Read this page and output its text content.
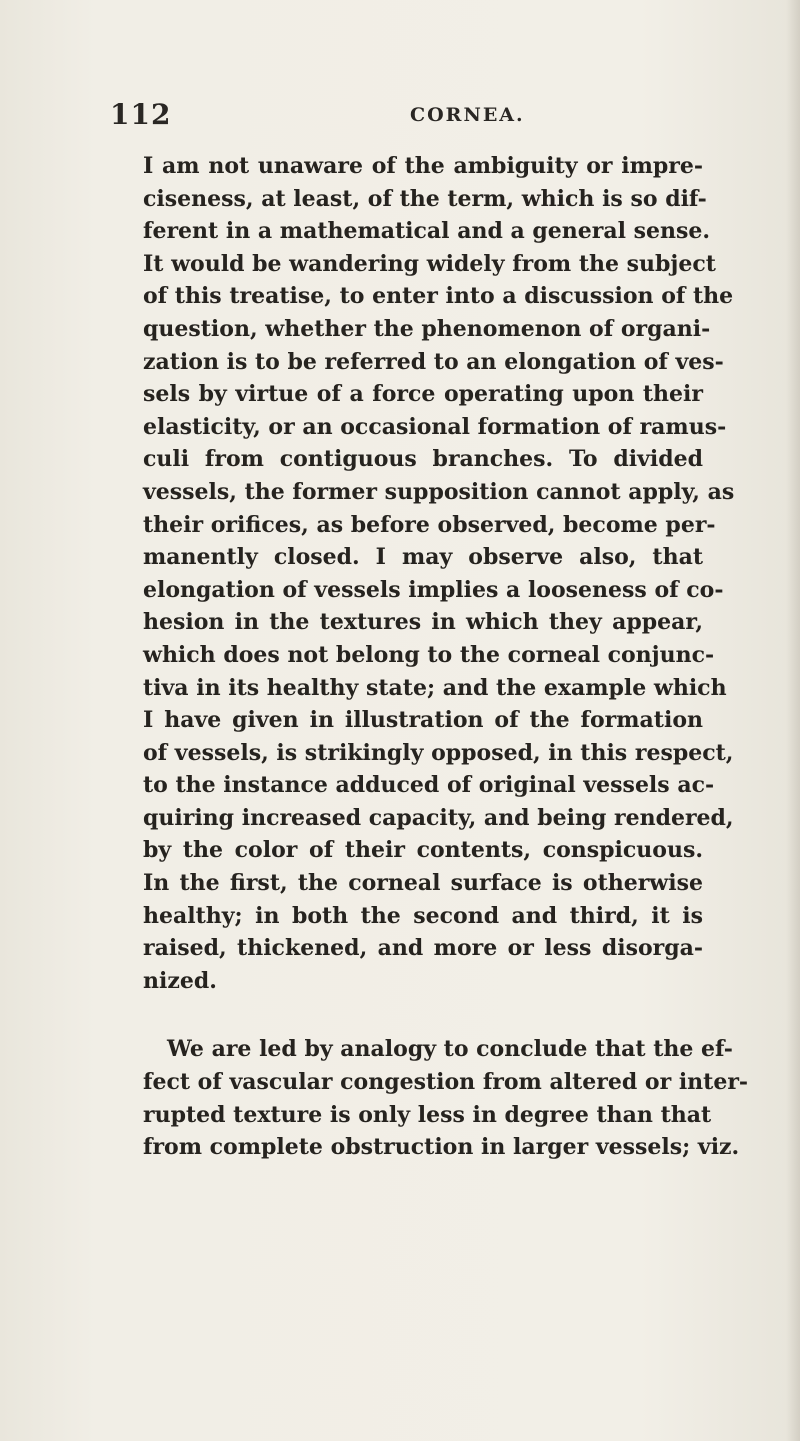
112	CORNEA.
I am not unaware of the ambiguity or impre-
ciseness, at least, of the term, which is so dif-
ferent in a mathematical and a general sense.
It would be wandering widely from the subject
of this treatise, to enter into a discussion of the
question, whether the phenomenon of organi-
zation is to be referred to an elongation of ves-
sels by virtue of a force operating upon their
elasticity, or an occasional formation of ramus-
culi from contiguous branches. To divided
vessels, the former supposition cannot apply, as
their orifices, as before observed, become per-
manently closed. I may observe also, that
elongation of vessels implies a looseness of co-
hesion in the textures in which they appear,
which does not belong to the corneal conjunc-
tiva in its healthy state; and the example which
I have given in illustration of the formation
of vessels, is strikingly opposed, in this respect,
to the instance adduced of original vessels ac-
quiring increased capacity, and being rendered,
by the color of their contents, conspicuous.
In the first, the corneal surface is otherwise
healthy; in both the second and third, it is
raised, thickened, and more or less disorga-
nized.
We are led by analogy to conclude that the ef-
fect of vascular congestion from altered or inter-
rupted texture is only less in degree than that
from complete obstruction in larger vessels; viz.
